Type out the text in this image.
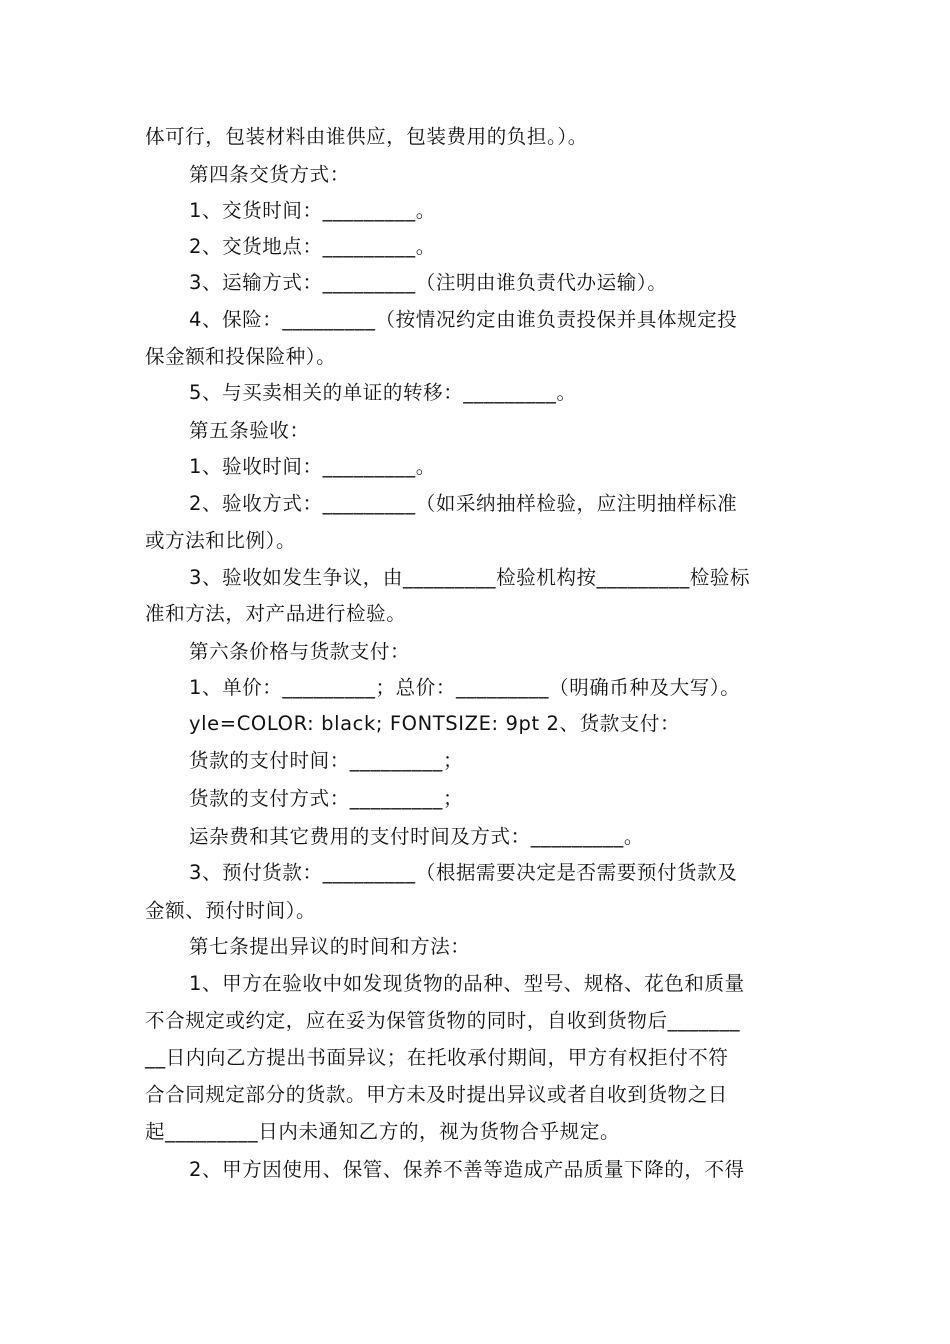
体可行，包装材料由谁供应，包装费用的负担。）。
第四条交货方式：
1、交货时间：_________。
2、交货地点：_________。
3、运输方式：_________（注明由谁负责代办运输）。
4、保险：_________（按情况约定由谁负责投保并具体规定投
保金额和投保险种）。
5、与买卖相关的单证的转移：_________。
第五条验收：
1、验收时间：_________。
2、验收方式：_________（如采纳抽样检验，应注明抽样标准
或方法和比例）。
3、验收如发生争议，由_________检验机构按_________检验标
准和方法，对产品进行检验。
第六条价格与货款支付：
1、单价：_________；总价：_________（明确币种及大写）。
yle=COLOR: black; FONTSIZE: 9pt 2、货款支付：
货款的支付时间：_________；
货款的支付方式：_________；
运杂费和其它费用的支付时间及方式：_________。
3、预付货款：_________（根据需要决定是否需要预付货款及
金额、预付时间）。
第七条提出异议的时间和方法：
1、甲方在验收中如发现货物的品种、型号、规格、花色和质量
不合规定或约定，应在妥为保管货物的同时，自收到货物后_______
__日内向乙方提出书面异议；在托收承付期间，甲方有权拒付不符
合合同规定部分的货款。甲方未及时提出异议或者自收到货物之日
起_________日内未通知乙方的，视为货物合乎规定。
2、甲方因使用、保管、保养不善等造成产品质量下降的，不得
